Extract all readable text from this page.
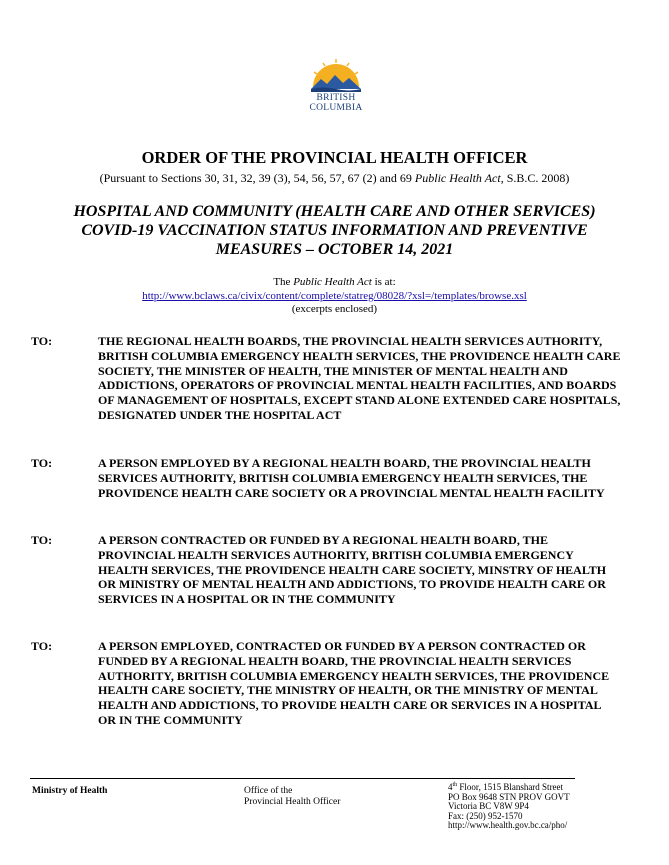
BRITISH
COLUMBIA
ORDER OF THE PROVINCIAL HEALTH OFFICER
(Pursuant to Sections 30, 31, 32, 39 (3), 54, 56, 57, 67 (2) and 69 Public Health Act, S.B.C. 2008)
HOSPITAL AND COMMUNITY (HEALTH CARE AND OTHER SERVICES) COVID-19 VACCINATION STATUS INFORMATION AND PREVENTIVE MEASURES – OCTOBER 14, 2021
The Public Health Act is at:
http://www.bclaws.ca/civix/content/complete/statreg/08028/?xsl=/templates/browse.xsl
(excerpts enclosed)
TO:	THE REGIONAL HEALTH BOARDS, THE PROVINCIAL HEALTH SERVICES AUTHORITY, BRITISH COLUMBIA EMERGENCY HEALTH SERVICES, THE PROVIDENCE HEALTH CARE SOCIETY, THE MINISTER OF HEALTH, THE MINISTER OF MENTAL HEALTH AND ADDICTIONS, OPERATORS OF PROVINCIAL MENTAL HEALTH FACILITIES, AND BOARDS OF MANAGEMENT OF HOSPITALS, EXCEPT STAND ALONE EXTENDED CARE HOSPITALS, DESIGNATED UNDER THE HOSPITAL ACT
TO:	A PERSON EMPLOYED BY A REGIONAL HEALTH BOARD, THE PROVINCIAL HEALTH SERVICES AUTHORITY, BRITISH COLUMBIA EMERGENCY HEALTH SERVICES, THE PROVIDENCE HEALTH CARE SOCIETY OR A PROVINCIAL MENTAL HEALTH FACILITY
TO:	A PERSON CONTRACTED OR FUNDED BY A REGIONAL HEALTH BOARD, THE PROVINCIAL HEALTH SERVICES AUTHORITY, BRITISH COLUMBIA EMERGENCY HEALTH SERVICES, THE PROVIDENCE HEALTH CARE SOCIETY, MINSTRY OF HEALTH OR MINISTRY OF MENTAL HEALTH AND ADDICTIONS, TO PROVIDE HEALTH CARE OR SERVICES IN A HOSPITAL OR IN THE COMMUNITY
TO:	A PERSON EMPLOYED, CONTRACTED OR FUNDED BY A PERSON CONTRACTED OR FUNDED BY A REGIONAL HEALTH BOARD, THE PROVINCIAL HEALTH SERVICES AUTHORITY, BRITISH COLUMBIA EMERGENCY HEALTH SERVICES, THE PROVIDENCE HEALTH CARE SOCIETY, THE MINISTRY OF HEALTH, OR THE MINISTRY OF MENTAL HEALTH AND ADDICTIONS, TO PROVIDE HEALTH CARE OR SERVICES IN A HOSPITAL OR IN THE COMMUNITY
Ministry of Health	Office of the
Provincial Health Officer
4th Floor, 1515 Blanshard Street
PO Box 9648 STN PROV GOVT
Victoria BC V8W 9P4
Fax: (250) 952-1570
http://www.health.gov.bc.ca/pho/
